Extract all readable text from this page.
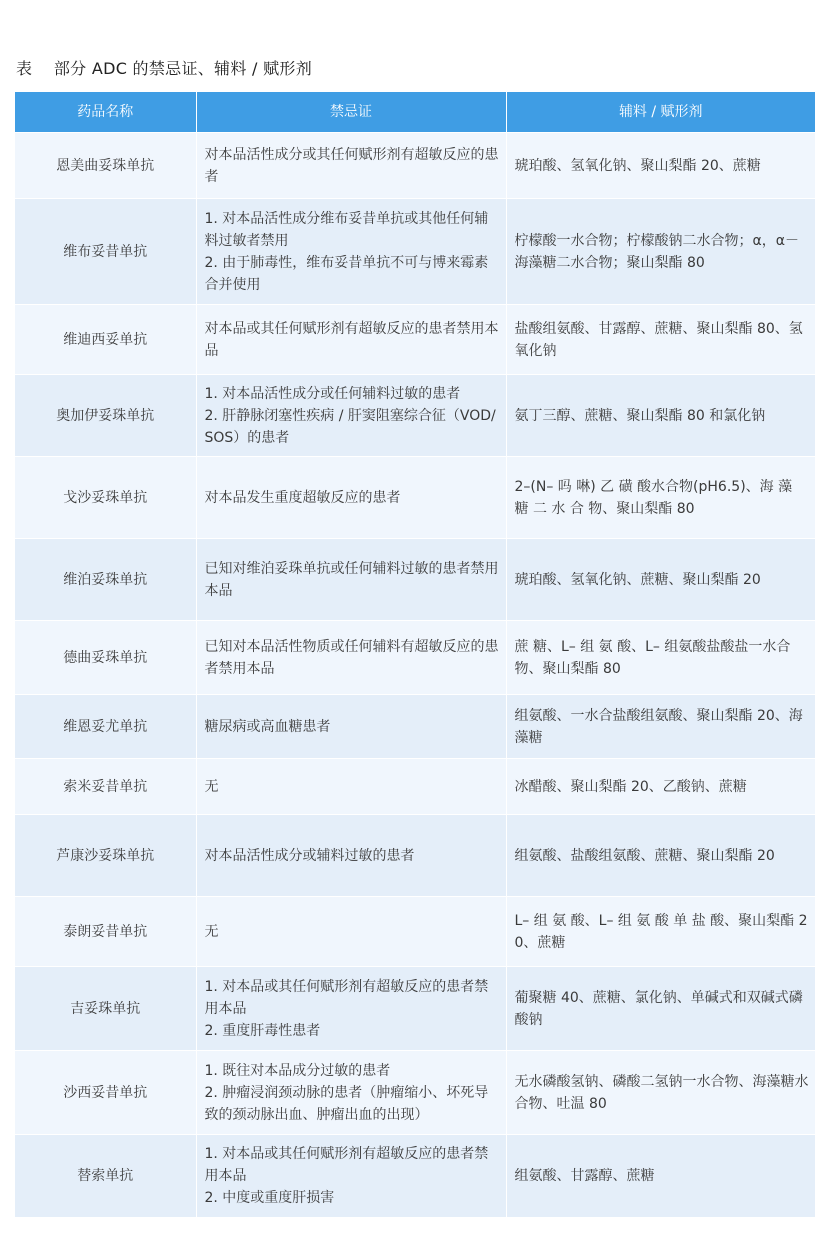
表    部分 ADC 的禁忌证、辅料 / 赋形剂
药品名称	禁忌证	辅料 / 赋形剂
恩美曲妥珠单抗	对本品活性成分或其任何赋形剂有超敏反应的患者	琥珀酸、氢氧化钠、聚山梨酯 20、蔗糖

维布妥昔单抗	1. 对本品活性成分维布妥昔单抗或其他任何辅料过敏者禁用
2. 由于肺毒性，维布妥昔单抗不可与博来霉素合并使用	柠檬酸一水合物；柠檬酸钠二水合物；α，α－海藻糖二水合物；聚山梨酯 80

维迪西妥单抗	对本品或其任何赋形剂有超敏反应的患者禁用本品	盐酸组氨酸、甘露醇、蔗糖、聚山梨酯 80、氢氧化钠

奥加伊妥珠单抗	1. 对本品活性成分或任何辅料过敏的患者
2. 肝静脉闭塞性疾病 / 肝窦阻塞综合征（VOD/SOS）的患者	氨丁三醇、蔗糖、聚山梨酯 80 和氯化钠

戈沙妥珠单抗	对本品发生重度超敏反应的患者	2–(N– 吗 啉) 乙 磺 酸水合物(pH6.5)、海 藻 糖 二 水 合 物、聚山梨酯 80

维泊妥珠单抗	已知对维泊妥珠单抗或任何辅料过敏的患者禁用本品	琥珀酸、氢氧化钠、蔗糖、聚山梨酯 20

德曲妥珠单抗	已知对本品活性物质或任何辅料有超敏反应的患者禁用本品	蔗 糖、L– 组 氨 酸、L– 组氨酸盐酸盐一水合物、聚山梨酯 80

维恩妥尤单抗	糖尿病或高血糖患者	组氨酸、一水合盐酸组氨酸、聚山梨酯 20、海藻糖

索米妥昔单抗	无	冰醋酸、聚山梨酯 20、乙酸钠、蔗糖

芦康沙妥珠单抗	对本品活性成分或辅料过敏的患者	组氨酸、盐酸组氨酸、蔗糖、聚山梨酯 20

泰朗妥昔单抗	无	L– 组 氨 酸、L– 组 氨 酸 单 盐 酸、聚山梨酯 20、蔗糖

吉妥珠单抗	1. 对本品或其任何赋形剂有超敏反应的患者禁用本品
2. 重度肝毒性患者	葡聚糖 40、蔗糖、氯化钠、单碱式和双碱式磷酸钠

沙西妥昔单抗	1. 既往对本品成分过敏的患者
2. 肿瘤浸润颈动脉的患者（肿瘤缩小、坏死导致的颈动脉出血、肿瘤出血的出现）	无水磷酸氢钠、磷酸二氢钠一水合物、海藻糖水合物、吐温 80

替索单抗	1. 对本品或其任何赋形剂有超敏反应的患者禁用本品
2. 中度或重度肝损害	组氨酸、甘露醇、蔗糖
